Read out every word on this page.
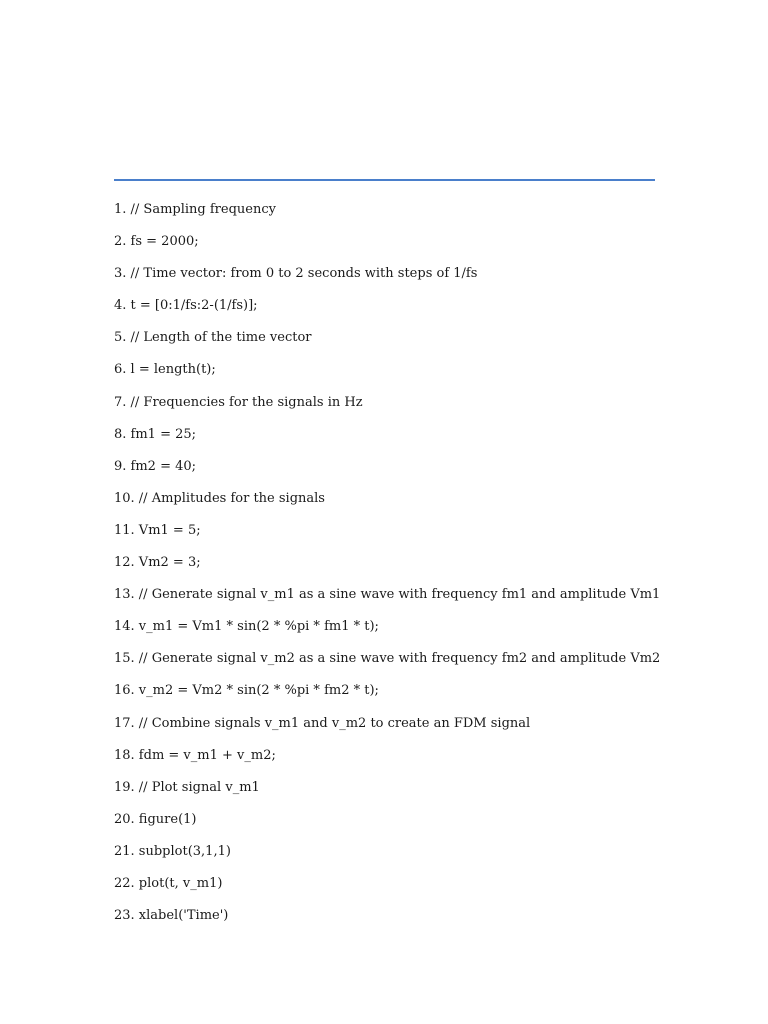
1. // Sampling frequency
2. fs = 2000;
3. // Time vector: from 0 to 2 seconds with steps of 1/fs
4. t = [0:1/fs:2-(1/fs)];
5. // Length of the time vector
6. l = length(t);
7. // Frequencies for the signals in Hz
8. fm1 = 25;
9. fm2 = 40;
10. // Amplitudes for the signals
11. Vm1 = 5;
12. Vm2 = 3;
13. // Generate signal v_m1 as a sine wave with frequency fm1 and amplitude Vm1
14. v_m1 = Vm1 * sin(2 * %pi * fm1 * t);
15. // Generate signal v_m2 as a sine wave with frequency fm2 and amplitude Vm2
16. v_m2 = Vm2 * sin(2 * %pi * fm2 * t);
17. // Combine signals v_m1 and v_m2 to create an FDM signal
18. fdm = v_m1 + v_m2;
19. // Plot signal v_m1
20. figure(1)
21. subplot(3,1,1)
22. plot(t, v_m1)
23. xlabel('Time')
